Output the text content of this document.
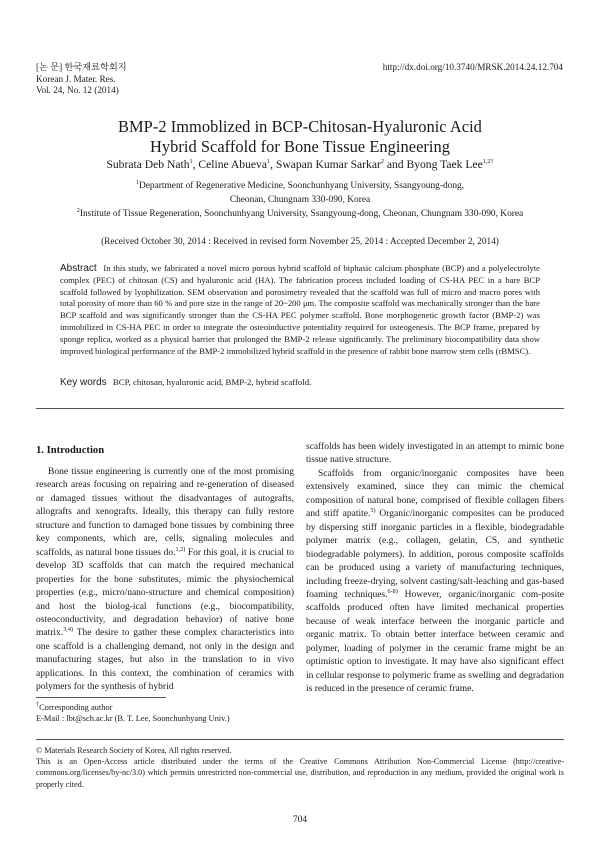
[논 문] 한국재료학회지
Korean J. Mater. Res.
Vol. 24, No. 12 (2014)
http://dx.doi.org/10.3740/MRSK.2014.24.12.704
BMP-2 Immoblized in BCP-Chitosan-Hyaluronic Acid
Hybrid Scaffold for Bone Tissue Engineering
Subrata Deb Nath$^1$, Celine Abueva$^1$, Swapan Kumar Sarkar$^2$ and Byong Taek Lee$^{1,2\dagger}$
$^1$Department of Regenerative Medicine, Soonchunhyang University, Ssangyoung-dong,
Cheonan, Chungnam 330-090, Korea
$^2$Institute of Tissue Regeneration, Soonchunhyang University, Ssangyoung-dong, Cheonan, Chungnam 330-090, Korea
(Received October 30, 2014 : Received in revised form November 25, 2014 : Accepted December 2, 2014)
Abstract In this study, we fabricated a novel micro porous hybrid scaffold of biphasic calcium phosphate (BCP) and a polyelectrolyte complex (PEC) of chitosan (CS) and hyaluronic acid (HA). The fabrication process included loading of CS-HA PEC in a bare BCP scaffold followed by lyophilization. SEM observation and porosimetry revealed that the scaffold was full of micro and macro pores with total porosity of more than 60 % and pore size in the range of 20~200 μm. The composite scaffold was mechanically stronger than the bare BCP scaffold and was significantly stronger than the CS-HA PEC polymer scaffold. Bone morphogenetic growth factor (BMP-2) was immobilized in CS-HA PEC in order to integrate the osteoinductive potentiality required for osteogenesis. The BCP frame, prepared by sponge replica, worked as a physical barrier that prolonged the BMP-2 release significantly. The preliminary biocompatibility data show improved biological performance of the BMP-2 immobilized hybrid scaffold in the presence of rabbit bone marrow stem cells (rBMSC).
Key words BCP, chitosan, hyaluronic acid, BMP-2, hybrid scaffold.
1. Introduction

Bone tissue engineering is currently one of the most promising research areas focusing on repairing and re-generation of diseased or damaged tissues without the disadvantages of autografts, allografts and xenografts. Ideally, this therapy can fully restore structure and function to damaged bone tissues by combining three key components, which are, cells, signaling molecules and scaffolds, as natural bone tissues do.$^{1,2)}$ For this goal, it is crucial to develop 3D scaffolds that can match the required mechanical properties for the bone substitutes, mimic the physiochemical properties (e.g., micro/nano-structure and chemical composition) and host the biolog-ical functions (e.g., biocompatibility, osteoconductivity, and degradation behavior) of native bone matrix.$^{3,4)}$ The desire to gather these complex characteristics into one scaffold is a challenging demand, not only in the design and manufacturing stages, but also in the translation to in vivo applications. In this context, the combination of ceramics with polymers for the synthesis of hybrid

scaffolds has been widely investigated in an attempt to mimic bone tissue native structure.

Scaffolds from organic/inorganic composites have been extensively examined, since they can mimic the chemical composition of natural bone, comprised of flexible collagen fibers and stiff apatite.$^{5)}$ Organic/inorganic composites can be produced by dispersing stiff inorganic particles in a flexible, biodegradable polymer matrix (e.g., collagen, gelatin, CS, and synthetic biodegradable polymers). In addition, porous composite scaffolds can be produced using a variety of manufacturing techniques, including freeze-drying, solvent casting/salt-leaching and gas-based foaming techniques.$^{6-8)}$ However, organic/inorganic com-posite scaffolds produced often have limited mechanical properties because of weak interface between the inorganic particle and organic matrix. To obtain better interface between ceramic and polymer, loading of polymer in the ceramic frame might be an optimistic option to investigate. It may have also significant effect in cellular response to polymeric frame as swelling and degradation is reduced in the presence of ceramic frame.

†Corresponding author
E-Mail : lbt@sch.ac.kr (B. T. Lee, Soonchunhyang Univ.)
© Materials Research Society of Korea, All rights reserved.
This is an Open-Access article distributed under the terms of the Creative Commons Attribution Non-Commercial License (http://creative-commons.org/licenses/by-nc/3.0) which permits unrestricted non-commercial use, distribution, and reproduction in any medium, provided the original work is properly cited.
704
